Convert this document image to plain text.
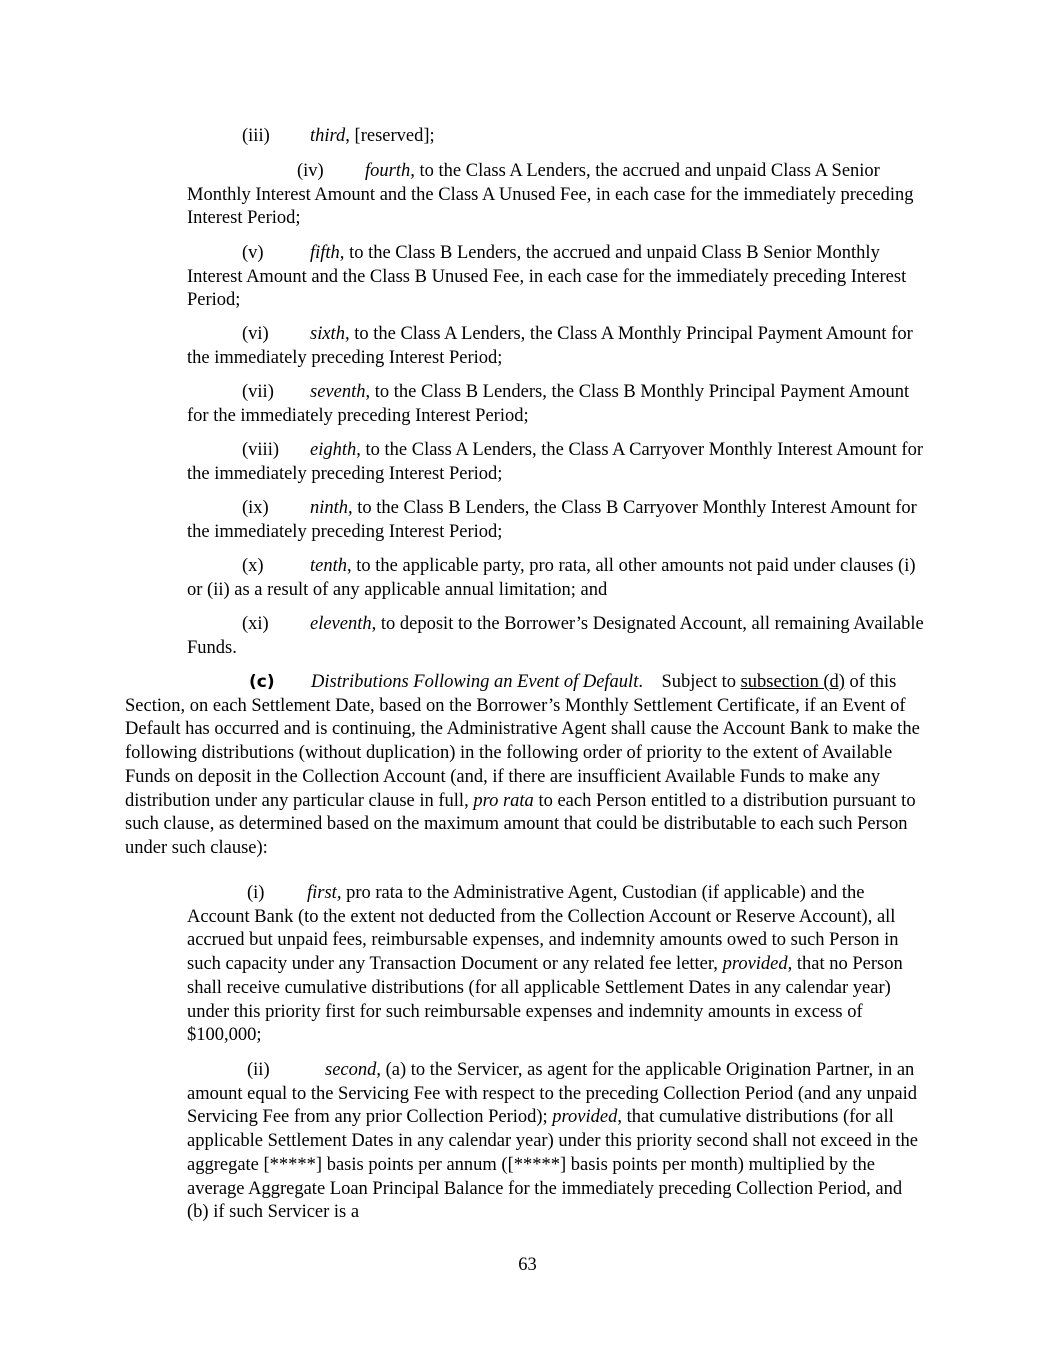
(iii) third, [reserved];

(iv) fourth, to the Class A Lenders, the accrued and unpaid Class A Senior Monthly Interest Amount and the Class A Unused Fee, in each case for the immediately preceding Interest Period;

(v)	fifth, to the Class B Lenders, the accrued and unpaid Class B Senior Monthly Interest Amount and the Class B Unused Fee, in each case for the immediately preceding Interest Period;

(vi) sixth, to the Class A Lenders, the Class A Monthly Principal Payment Amount for the immediately preceding Interest Period;

(vii) seventh, to the Class B Lenders, the Class B Monthly Principal Payment Amount for the immediately preceding Interest Period;

(viii) eighth, to the Class A Lenders, the Class A Carryover Monthly Interest Amount for the immediately preceding Interest Period;

(ix) ninth, to the Class B Lenders, the Class B Carryover Monthly Interest Amount for the immediately preceding Interest Period;

(x)	tenth, to the applicable party, pro rata, all other amounts not paid under clauses (i) or (ii) as a result of any applicable annual limitation; and

(xi) eleventh, to deposit to the Borrower’s Designated Account, all remaining Available Funds.

(c) Distributions Following an Event of Default.    Subject to subsection (d) of this Section, on each Settlement Date, based on the Borrower’s Monthly Settlement Certificate, if an Event of Default has occurred and is continuing, the Administrative Agent shall cause the Account Bank to make the following distributions (without duplication) in the following order of priority to the extent of Available Funds on deposit in the Collection Account (and, if there are insufficient Available Funds to make any distribution under any particular clause in full, pro rata to each Person entitled to a distribution pursuant to such clause, as determined based on the maximum amount that could be distributable to each such Person under such clause):

(i) first, pro rata to the Administrative Agent, Custodian (if applicable) and the Account Bank (to the extent not deducted from the Collection Account or Reserve Account), all accrued but unpaid fees, reimbursable expenses, and indemnity amounts owed to such Person in such capacity under any Transaction Document or any related fee letter, provided, that no Person shall receive cumulative distributions (for all applicable Settlement Dates in any calendar year) under this priority first for such reimbursable expenses and indemnity amounts in excess of $100,000;

(ii)	second, (a) to the Servicer, as agent for the applicable Origination Partner, in an amount equal to the Servicing Fee with respect to the preceding Collection Period (and any unpaid Servicing Fee from any prior Collection Period); provided, that cumulative distributions (for all applicable Settlement Dates in any calendar year) under this priority second shall not exceed in the aggregate [*****] basis points per annum ([*****] basis points per month) multiplied by the average Aggregate Loan Principal Balance for the immediately preceding Collection Period, and (b) if such Servicer is a

63
